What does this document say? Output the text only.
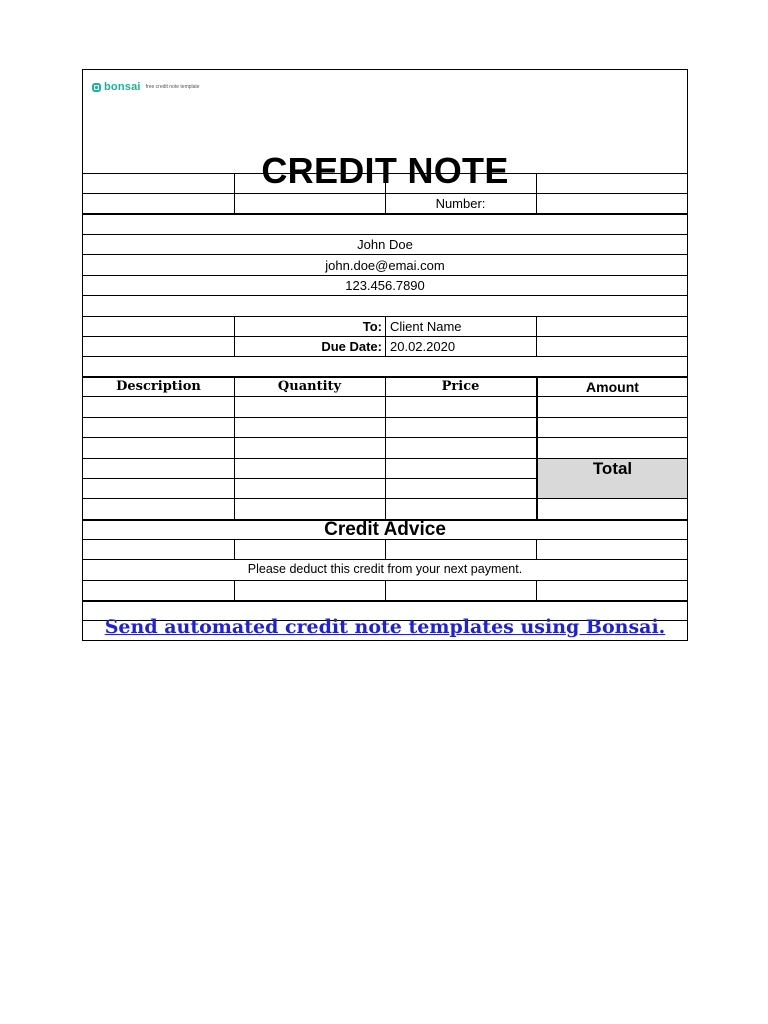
bonsai free credit note template
CREDIT NOTE
Number:
John Doe
john.doe@emai.com
123.456.7890
To: Client Name
Due Date: 20.02.2020
Description	Quantity	Price	Amount
Total
Credit Advice
Please deduct this credit from your next payment.
Send automated credit note templates using Bonsai.
